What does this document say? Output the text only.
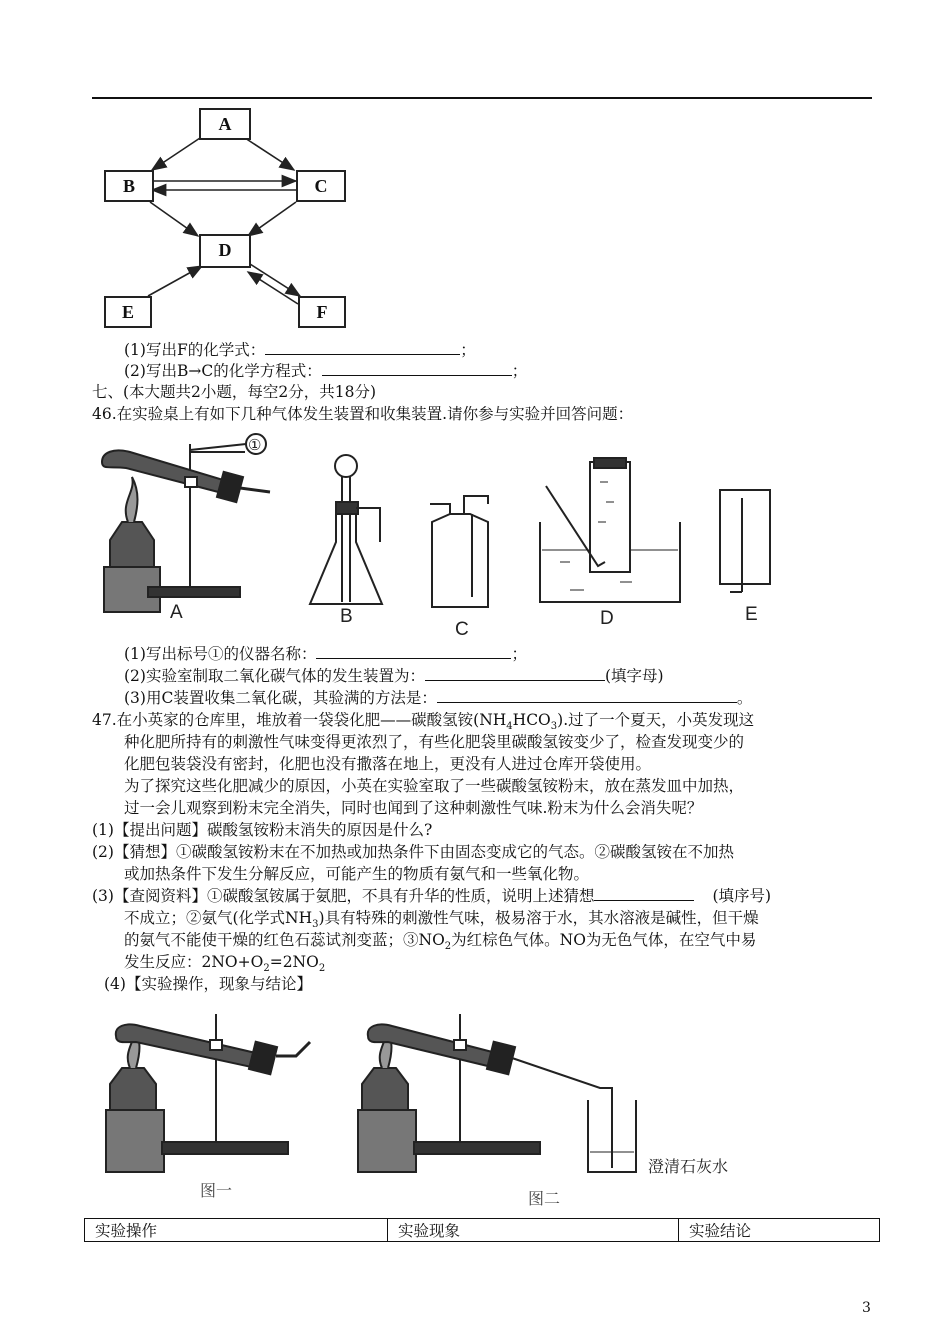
A
B	C
D
E	F
(1)写出F的化学式：	；
(2)写出B→C的化学方程式：	；
七、(本大题共2小题，每空2分，共18分)
46.在实验桌上有如下几种气体发生装置和收集装置.请你参与实验并回答问题：
A	B
C
D	E
①
(1)写出标号①的仪器名称：	；
(2)实验室制取二氧化碳气体的发生装置为：	(填字母)
(3)用C装置收集二氧化碳，其验满的方法是：	。
47.在小英家的仓库里，堆放着一袋袋化肥——碳酸氢铵$(NH_4HCO_3)$.过了一个夏天，小英发现这
种化肥所持有的刺激性气味变得更浓烈了，有些化肥袋里碳酸氢铵变少了，检查发现变少的
化肥包装袋没有密封，化肥也没有撒落在地上，更没有人进过仓库开袋使用。
为了探究这些化肥减少的原因，小英在实验室取了一些碳酸氢铵粉末，放在蒸发皿中加热，
过一会儿观察到粉末完全消失，同时也闻到了这种刺激性气味.粉末为什么会消失呢？
(1)【提出问题】碳酸氢铵粉末消失的原因是什么?
(2)【猜想】①碳酸氢铵粉末在不加热或加热条件下由固态变成它的气态。②碳酸氢铵在不加热
或加热条件下发生分解反应，可能产生的物质有氨气和一些氧化物。
(3)【查阅资料】①碳酸氢铵属于氨肥，不具有升华的性质，说明上述猜想	(填序号)
不成立；②氨气(化学式$NH_3$)具有特殊的刺激性气味，极易溶于水，其水溶液是碱性，但干燥
的氨气不能使干燥的红色石蕊试剂变蓝；$③NO_2$为红棕色气体。NO为无色气体，在空气中易
发生反应：$2NO+O_2=2NO_2$
(4)【实验操作，现象与结论】
图一	图二
澄清石灰水
实验操作	实验现象	实验结论
3
